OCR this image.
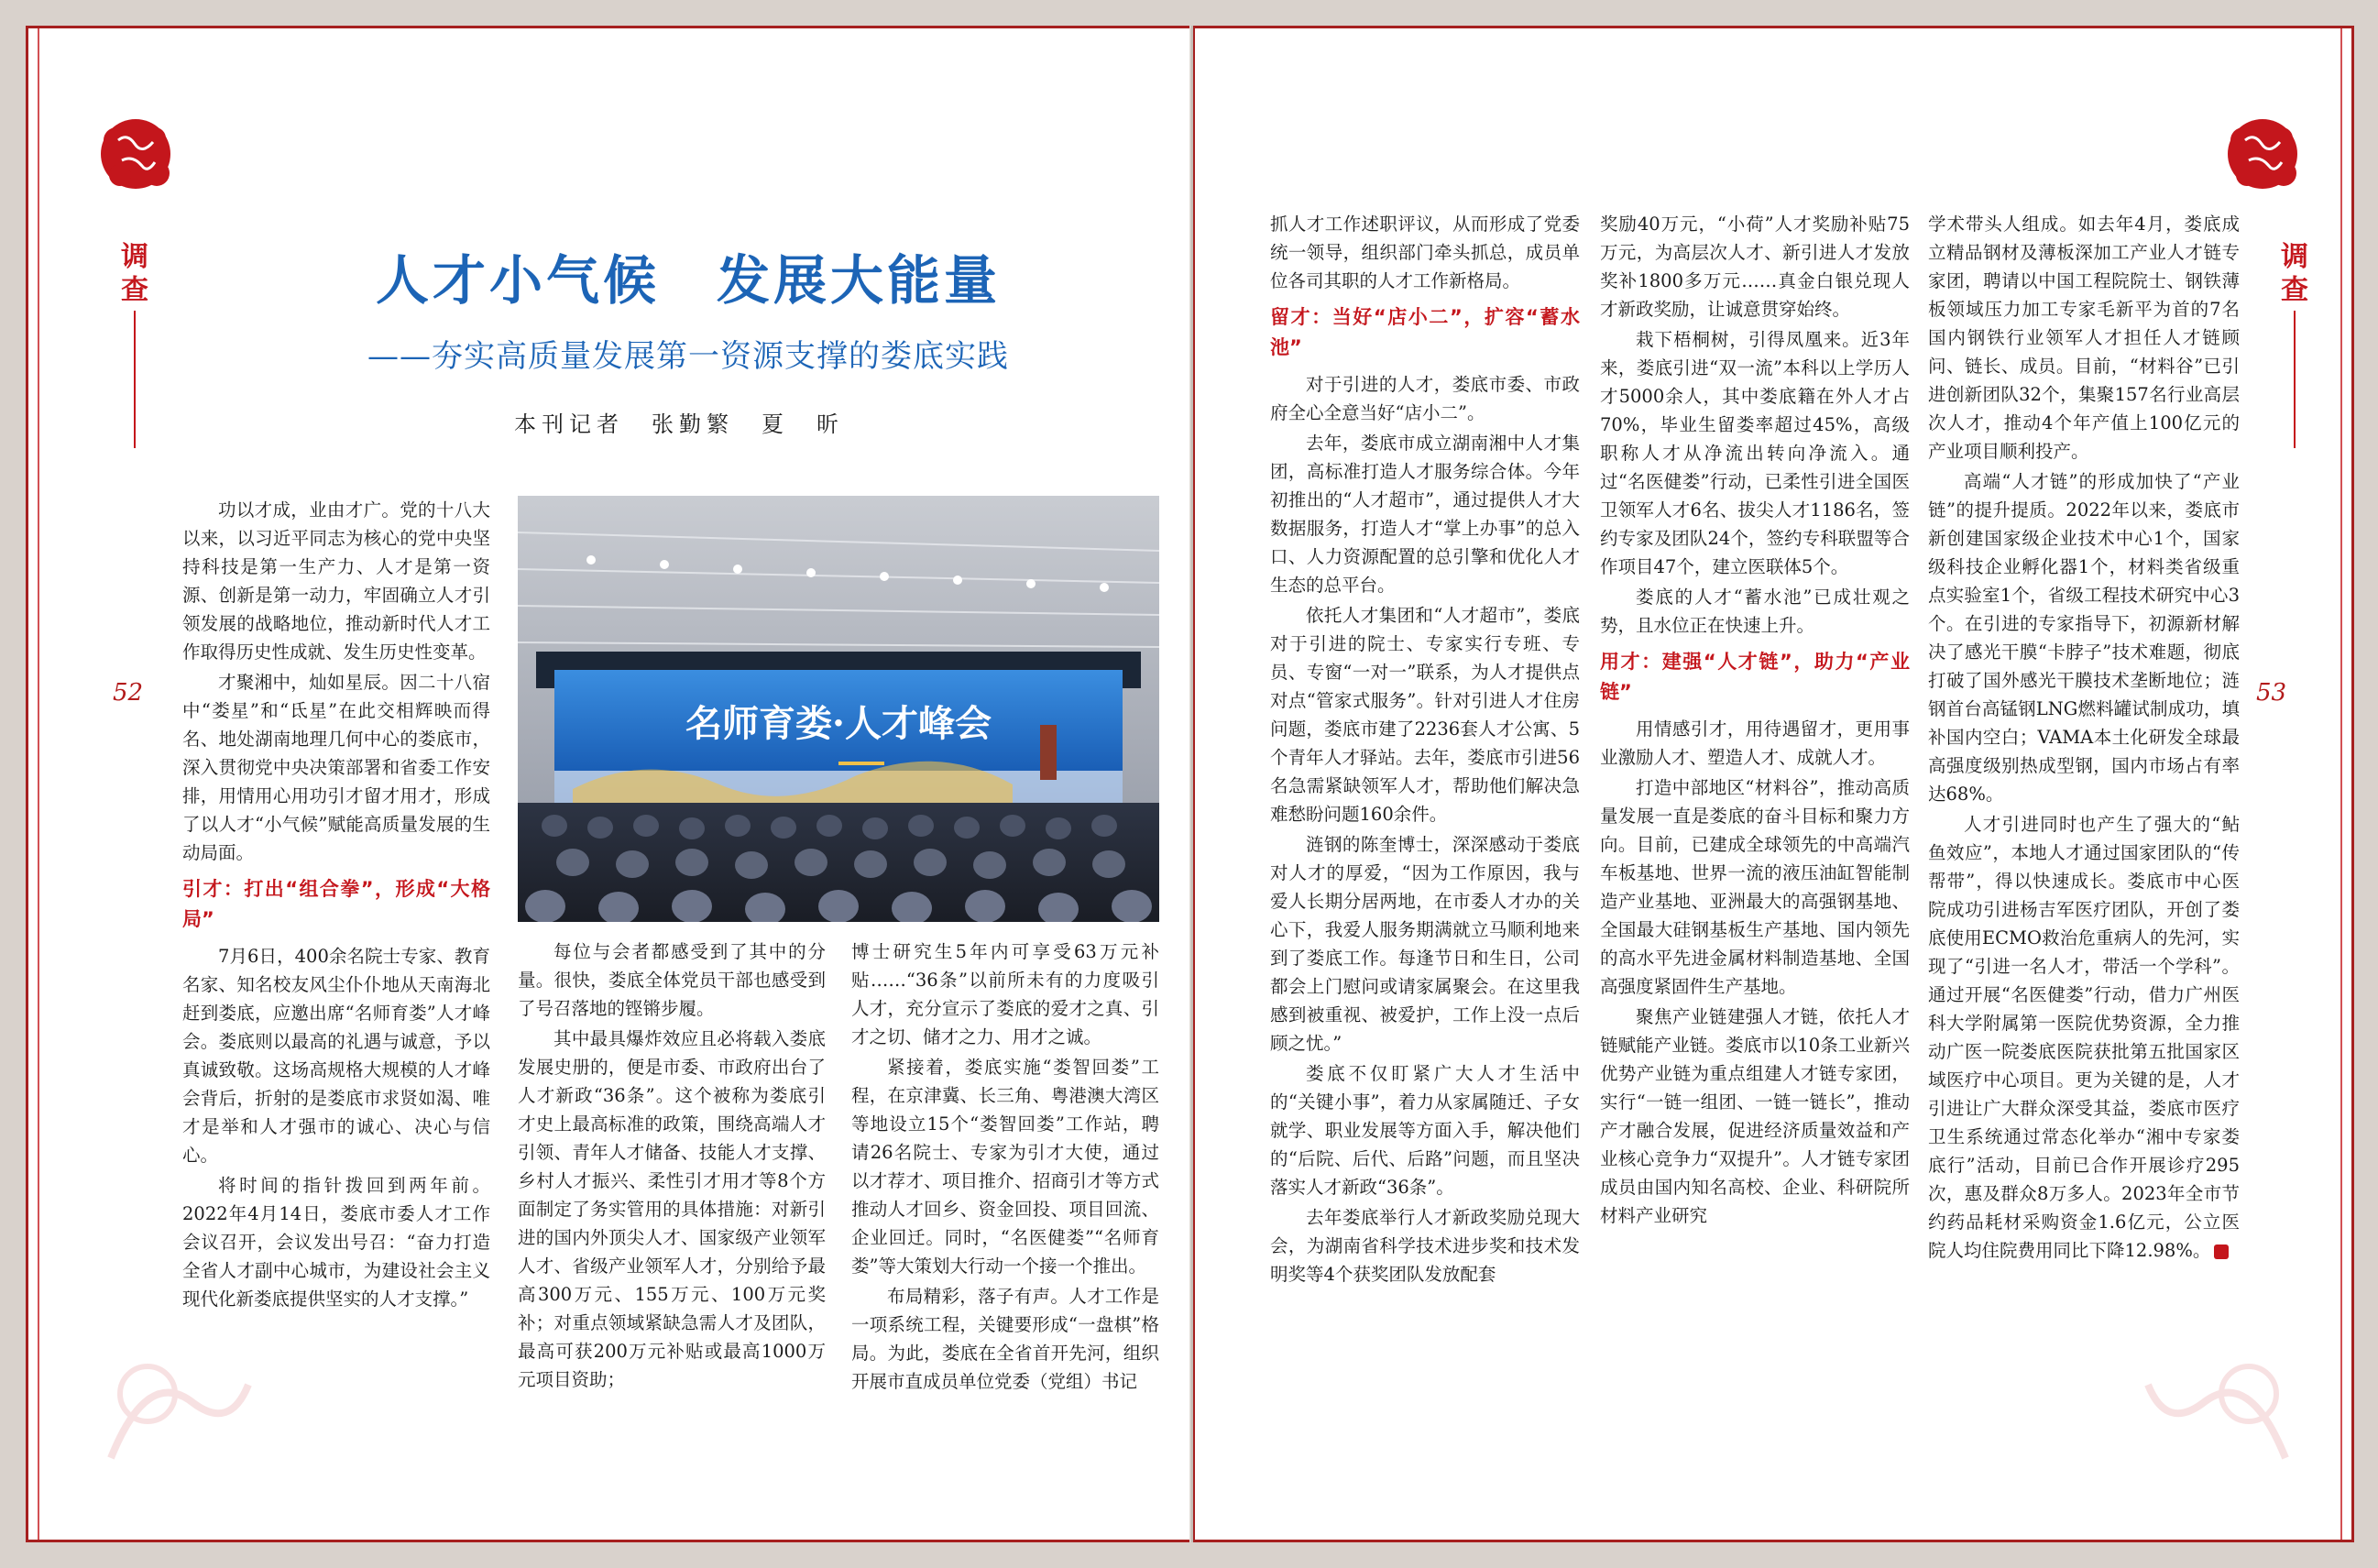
调查	人才小气候　发展大能量
——夯实高质量发展第一资源支撑的娄底实践
本刊记者　张勤繁　夏　昕
52
名师育娄·人才峰会

功以才成，业由才广。党的十八大以来，以习近平同志为核心的党中央坚持科技是第一生产力、人才是第一资源、创新是第一动力，牢固确立人才引领发展的战略地位，推动新时代人才工作取得历史性成就、发生历史性变革。

才聚湘中，灿如星辰。因二十八宿中“娄星”和“氐星”在此交相辉映而得名、地处湖南地理几何中心的娄底市，深入贯彻党中央决策部署和省委工作安排，用情用心用功引才留才用才，形成了以人才“小气候”赋能高质量发展的生动局面。

引才：打出“组合拳”，形成“大格局”

7月6日，400余名院士专家、教育名家、知名校友风尘仆仆地从天南海北赶到娄底，应邀出席“名师育娄”人才峰会。娄底则以最高的礼遇与诚意，予以真诚致敬。这场高规格大规模的人才峰会背后，折射的是娄底市求贤如渴、唯才是举和人才强市的诚心、决心与信心。

将时间的指针拨回到两年前。2022年4月14日，娄底市委人才工作会议召开，会议发出号召：“奋力打造全省人才副中心城市，为建设社会主义现代化新娄底提供坚实的人才支撑。”

每位与会者都感受到了其中的分量。很快，娄底全体党员干部也感受到了号召落地的铿锵步履。

其中最具爆炸效应且必将载入娄底发展史册的，便是市委、市政府出台了人才新政“36条”。这个被称为娄底引才史上最高标准的政策，围绕高端人才引领、青年人才储备、技能人才支撑、乡村人才振兴、柔性引才用才等8个方面制定了务实管用的具体措施：对新引进的国内外顶尖人才、国家级产业领军人才、省级产业领军人才，分别给予最高300万元、155万元、100万元奖补；对重点领域紧缺急需人才及团队，最高可获200万元补贴或最高1000万元项目资助；

博士研究生5年内可享受63万元补贴……“36条”以前所未有的力度吸引人才，充分宣示了娄底的爱才之真、引才之切、储才之力、用才之诚。

紧接着，娄底实施“娄智回娄”工程，在京津冀、长三角、粤港澳大湾区等地设立15个“娄智回娄”工作站，聘请26名院士、专家为引才大使，通过以才荐才、项目推介、招商引才等方式推动人才回乡、资金回投、项目回流、企业回迁。同时，“名医健娄”“名师育娄”等大策划大行动一个接一个推出。

布局精彩，落子有声。人才工作是一项系统工程，关键要形成“一盘棋”格局。为此，娄底在全省首开先河，组织开展市直成员单位党委（党组）书记

调查
53

抓人才工作述职评议，从而形成了党委统一领导，组织部门牵头抓总，成员单位各司其职的人才工作新格局。

留才：当好“店小二”，扩容“蓄水池”

对于引进的人才，娄底市委、市政府全心全意当好“店小二”。

去年，娄底市成立湖南湘中人才集团，高标准打造人才服务综合体。今年初推出的“人才超市”，通过提供人才大数据服务，打造人才“掌上办事”的总入口、人力资源配置的总引擎和优化人才生态的总平台。

依托人才集团和“人才超市”，娄底对于引进的院士、专家实行专班、专员、专窗“一对一”联系，为人才提供点对点“管家式服务”。针对引进人才住房问题，娄底市建了2236套人才公寓、5个青年人才驿站。去年，娄底市引进56名急需紧缺领军人才，帮助他们解决急难愁盼问题160余件。

涟钢的陈奎博士，深深感动于娄底对人才的厚爱，“因为工作原因，我与爱人长期分居两地，在市委人才办的关心下，我爱人服务期满就立马顺利地来到了娄底工作。每逢节日和生日，公司都会上门慰问或请家属聚会。在这里我感到被重视、被爱护，工作上没一点后顾之忧。”

娄底不仅盯紧广大人才生活中的“关键小事”，着力从家属随迁、子女就学、职业发展等方面入手，解决他们的“后院、后代、后路”问题，而且坚决落实人才新政“36条”。

去年娄底举行人才新政奖励兑现大会，为湖南省科学技术进步奖和技术发明奖等4个获奖团队发放配套

奖励40万元，“小荷”人才奖励补贴75万元，为高层次人才、新引进人才发放奖补1800多万元……真金白银兑现人才新政奖励，让诚意贯穿始终。

栽下梧桐树，引得凤凰来。近3年来，娄底引进“双一流”本科以上学历人才5000余人，其中娄底籍在外人才占70%，毕业生留娄率超过45%，高级职称人才从净流出转向净流入。通过“名医健娄”行动，已柔性引进全国医卫领军人才6名、拔尖人才1186名，签约专家及团队24个，签约专科联盟等合作项目47个，建立医联体5个。

娄底的人才“蓄水池”已成壮观之势，且水位正在快速上升。

用才：建强“人才链”，助力“产业链”

用情感引才，用待遇留才，更用事业激励人才、塑造人才、成就人才。

打造中部地区“材料谷”，推动高质量发展一直是娄底的奋斗目标和聚力方向。目前，已建成全球领先的中高端汽车板基地、世界一流的液压油缸智能制造产业基地、亚洲最大的高强钢基地、全国最大硅钢基板生产基地、国内领先的高水平先进金属材料制造基地、全国高强度紧固件生产基地。

聚焦产业链建强人才链，依托人才链赋能产业链。娄底市以10条工业新兴优势产业链为重点组建人才链专家团，实行“一链一组团、一链一链长”，推动产才融合发展，促进经济质量效益和产业核心竞争力“双提升”。人才链专家团成员由国内知名高校、企业、科研院所材料产业研究

学术带头人组成。如去年4月，娄底成立精品钢材及薄板深加工产业人才链专家团，聘请以中国工程院院士、钢铁薄板领域压力加工专家毛新平为首的7名国内钢铁行业领军人才担任人才链顾问、链长、成员。目前，“材料谷”已引进创新团队32个，集聚157名行业高层次人才，推动4个年产值上100亿元的产业项目顺利投产。

高端“人才链”的形成加快了“产业链”的提升提质。2022年以来，娄底市新创建国家级企业技术中心1个，国家级科技企业孵化器1个，材料类省级重点实验室1个，省级工程技术研究中心3个。在引进的专家指导下，初源新材解决了感光干膜“卡脖子”技术难题，彻底打破了国外感光干膜技术垄断地位；涟钢首台高锰钢LNG燃料罐试制成功，填补国内空白；VAMA本土化研发全球最高强度级别热成型钢，国内市场占有率达68%。

人才引进同时也产生了强大的“鲇鱼效应”，本地人才通过国家团队的“传帮带”，得以快速成长。娄底市中心医院成功引进杨吉军医疗团队，开创了娄底使用ECMO救治危重病人的先河，实现了“引进一名人才，带活一个学科”。通过开展“名医健娄”行动，借力广州医科大学附属第一医院优势资源，全力推动广医一院娄底医院获批第五批国家区域医疗中心项目。更为关键的是，人才引进让广大群众深受其益，娄底市医疗卫生系统通过常态化举办“湘中专家娄底行”活动，目前已合作开展诊疗295次，惠及群众8万多人。2023年全市节约药品耗材采购资金1.6亿元，公立医院人均住院费用同比下降12.98%。
